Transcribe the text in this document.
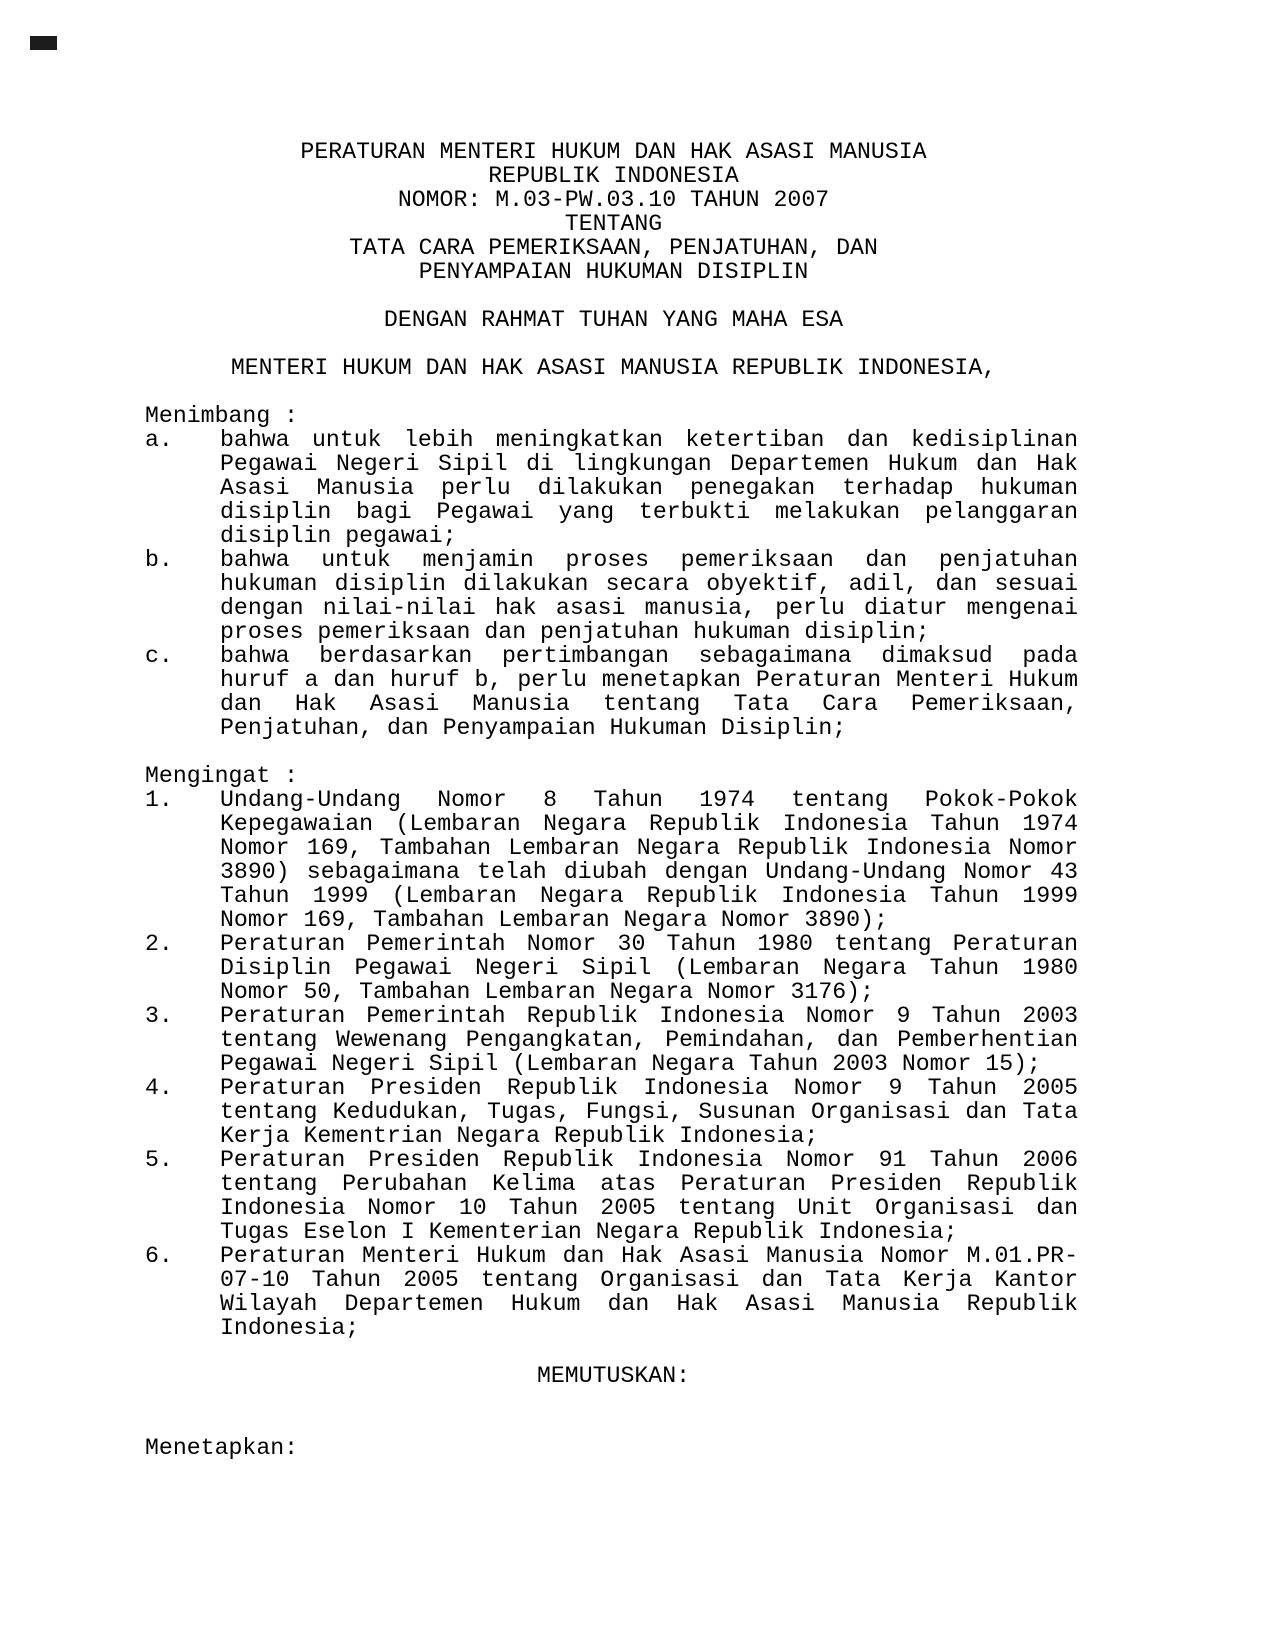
PERATURAN MENTERI HUKUM DAN HAK ASASI MANUSIA
REPUBLIK INDONESIA
NOMOR: M.03-PW.03.10 TAHUN 2007
TENTANG
TATA CARA PEMERIKSAAN, PENJATUHAN, DAN
PENYAMPAIAN HUKUMAN DISIPLIN
DENGAN RAHMAT TUHAN YANG MAHA ESA
MENTERI HUKUM DAN HAK ASASI MANUSIA REPUBLIK INDONESIA,
Menimbang :
a.	bahwa untuk lebih meningkatkan ketertiban dan kedisiplinan Pegawai Negeri Sipil di lingkungan Departemen Hukum dan Hak Asasi Manusia perlu dilakukan penegakan terhadap hukuman disiplin bagi Pegawai yang terbukti melakukan pelanggaran disiplin pegawai;
b.	bahwa untuk menjamin proses pemeriksaan dan penjatuhan hukuman disiplin dilakukan secara obyektif, adil, dan sesuai dengan nilai-nilai hak asasi manusia, perlu diatur mengenai proses pemeriksaan dan penjatuhan hukuman disiplin;
c.	bahwa berdasarkan pertimbangan sebagaimana dimaksud pada huruf a dan huruf b, perlu menetapkan Peraturan Menteri Hukum dan Hak Asasi Manusia tentang Tata Cara Pemeriksaan, Penjatuhan, dan Penyampaian Hukuman Disiplin;
Mengingat :
1.	Undang-Undang Nomor 8 Tahun 1974 tentang Pokok-Pokok Kepegawaian (Lembaran Negara Republik Indonesia Tahun 1974 Nomor 169, Tambahan Lembaran Negara Republik Indonesia Nomor 3890) sebagaimana telah diubah dengan Undang-Undang Nomor 43 Tahun 1999 (Lembaran Negara Republik Indonesia Tahun 1999 Nomor 169, Tambahan Lembaran Negara Nomor 3890);
2.	Peraturan Pemerintah Nomor 30 Tahun 1980 tentang Peraturan Disiplin Pegawai Negeri Sipil (Lembaran Negara Tahun 1980 Nomor 50, Tambahan Lembaran Negara Nomor 3176);
3.	Peraturan Pemerintah Republik Indonesia Nomor 9 Tahun 2003 tentang Wewenang Pengangkatan, Pemindahan, dan Pemberhentian Pegawai Negeri Sipil (Lembaran Negara Tahun 2003 Nomor 15);
4.	Peraturan Presiden Republik Indonesia Nomor 9 Tahun 2005 tentang Kedudukan, Tugas, Fungsi, Susunan Organisasi dan Tata Kerja Kementrian Negara Republik Indonesia;
5.	Peraturan Presiden Republik Indonesia Nomor 91 Tahun 2006 tentang Perubahan Kelima atas Peraturan Presiden Republik Indonesia Nomor 10 Tahun 2005 tentang Unit Organisasi dan Tugas Eselon I Kementerian Negara Republik Indonesia;
6.	Peraturan Menteri Hukum dan Hak Asasi Manusia Nomor M.01.PR-07-10 Tahun 2005 tentang Organisasi dan Tata Kerja Kantor Wilayah Departemen Hukum dan Hak Asasi Manusia Republik Indonesia;
MEMUTUSKAN:
Menetapkan:
